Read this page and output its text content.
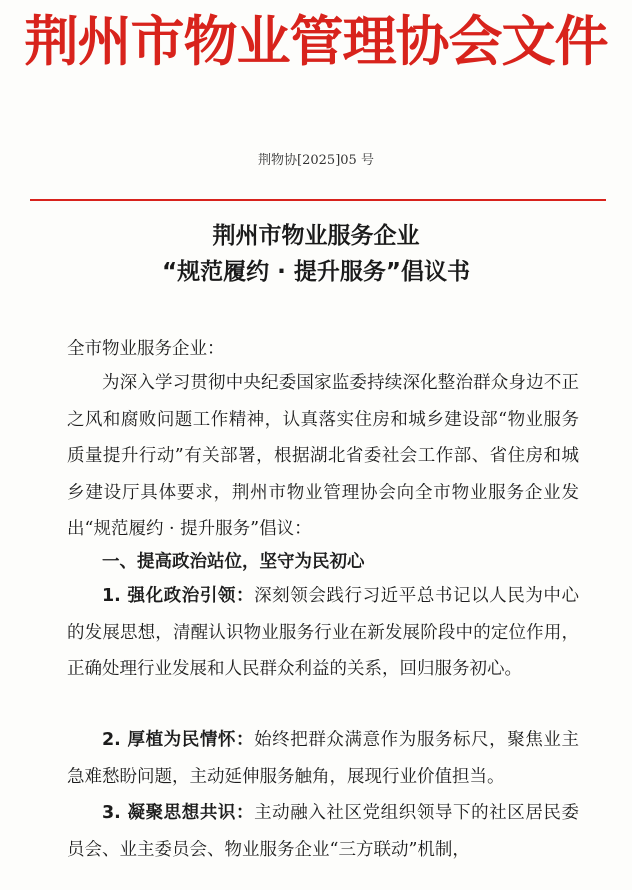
荆州市物业管理协会文件
荆物协[2025]05 号
荆州市物业服务企业
“规范履约 · 提升服务”倡议书
全市物业服务企业：
为深入学习贯彻中央纪委国家监委持续深化整治群众身边不正之风和腐败问题工作精神，认真落实住房和城乡建设部“物业服务质量提升行动”有关部署，根据湖北省委社会工作部、省住房和城乡建设厅具体要求，荆州市物业管理协会向全市物业服务企业发出“规范履约 · 提升服务”倡议：
一、提高政治站位，坚守为民初心
1. 强化政治引领：深刻领会践行习近平总书记以人民为中心的发展思想，清醒认识物业服务行业在新发展阶段中的定位作用，正确处理行业发展和人民群众利益的关系，回归服务初心。
2. 厚植为民情怀：始终把群众满意作为服务标尺，聚焦业主急难愁盼问题，主动延伸服务触角，展现行业价值担当。
3. 凝聚思想共识：主动融入社区党组织领导下的社区居民委员会、业主委员会、物业服务企业“三方联动”机制，
